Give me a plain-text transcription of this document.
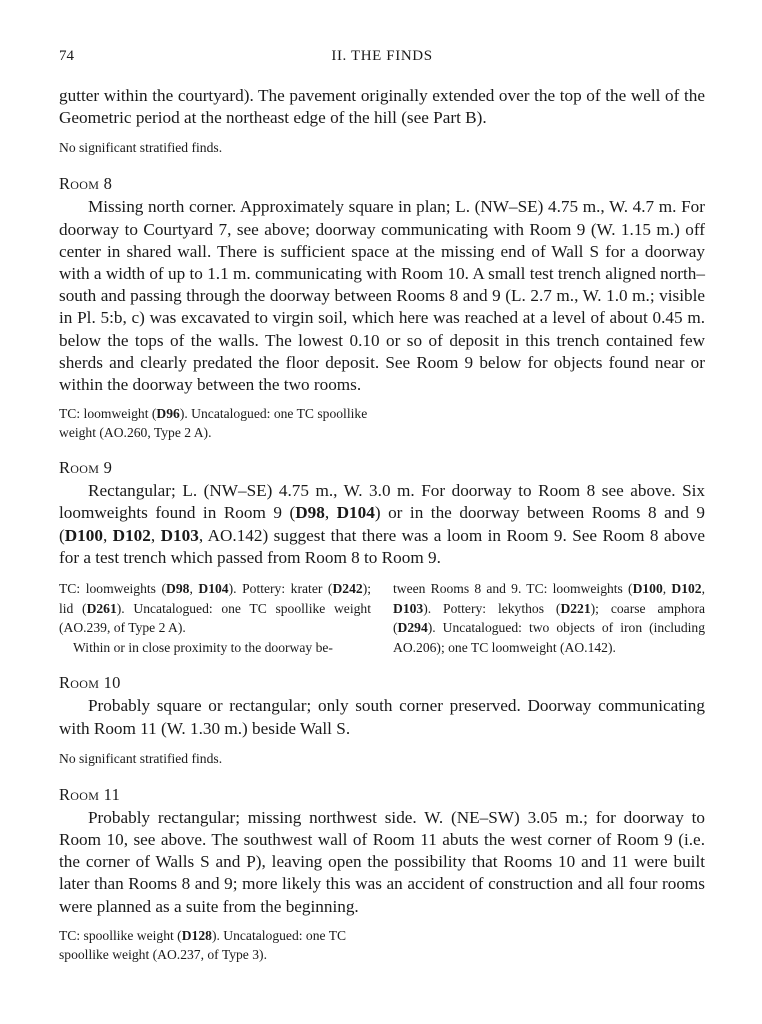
74	II. THE FINDS

gutter within the courtyard). The pavement originally extended over the top of the well of the Geometric period at the northeast edge of the hill (see Part B).

No significant stratified finds.

Room 8

Missing north corner. Approximately square in plan; L. (NW–SE) 4.75 m., W. 4.7 m. For doorway to Courtyard 7, see above; doorway communicating with Room 9 (W. 1.15 m.) off center in shared wall. There is sufficient space at the missing end of Wall S for a doorway with a width of up to 1.1 m. communicating with Room 10. A small test trench aligned north–south and passing through the doorway between Rooms 8 and 9 (L. 2.7 m., W. 1.0 m.; visible in Pl. 5:b, c) was excavated to virgin soil, which here was reached at a level of about 0.45 m. below the tops of the walls. The lowest 0.10 or so of deposit in this trench contained few sherds and clearly predated the floor deposit. See Room 9 below for objects found near or within the doorway between the two rooms.

TC: loomweight (D96). Uncatalogued: one TC spoollike weight (AO.260, Type 2 A).

Room 9

Rectangular; L. (NW–SE) 4.75 m., W. 3.0 m. For doorway to Room 8 see above. Six loomweights found in Room 9 (D98, D104) or in the doorway between Rooms 8 and 9 (D100, D102, D103, AO.142) suggest that there was a loom in Room 9. See Room 8 above for a test trench which passed from Room 8 to Room 9.

TC: loomweights (D98, D104). Pottery: krater (D242); lid (D261). Uncatalogued: one TC spoollike weight (AO.239, of Type 2 A).
Within or in close proximity to the doorway be-
tween Rooms 8 and 9. TC: loomweights (D100, D102, D103). Pottery: lekythos (D221); coarse amphora (D294). Uncatalogued: two objects of iron (including AO.206); one TC loomweight (AO.142).

Room 10

Probably square or rectangular; only south corner preserved. Doorway communicating with Room 11 (W. 1.30 m.) beside Wall S.

No significant stratified finds.

Room 11

Probably rectangular; missing northwest side. W. (NE–SW) 3.05 m.; for doorway to Room 10, see above. The southwest wall of Room 11 abuts the west corner of Room 9 (i.e. the corner of Walls S and P), leaving open the possibility that Rooms 10 and 11 were built later than Rooms 8 and 9; more likely this was an accident of construction and all four rooms were planned as a suite from the beginning.

TC: spoollike weight (D128). Uncatalogued: one TC spoollike weight (AO.237, of Type 3).
